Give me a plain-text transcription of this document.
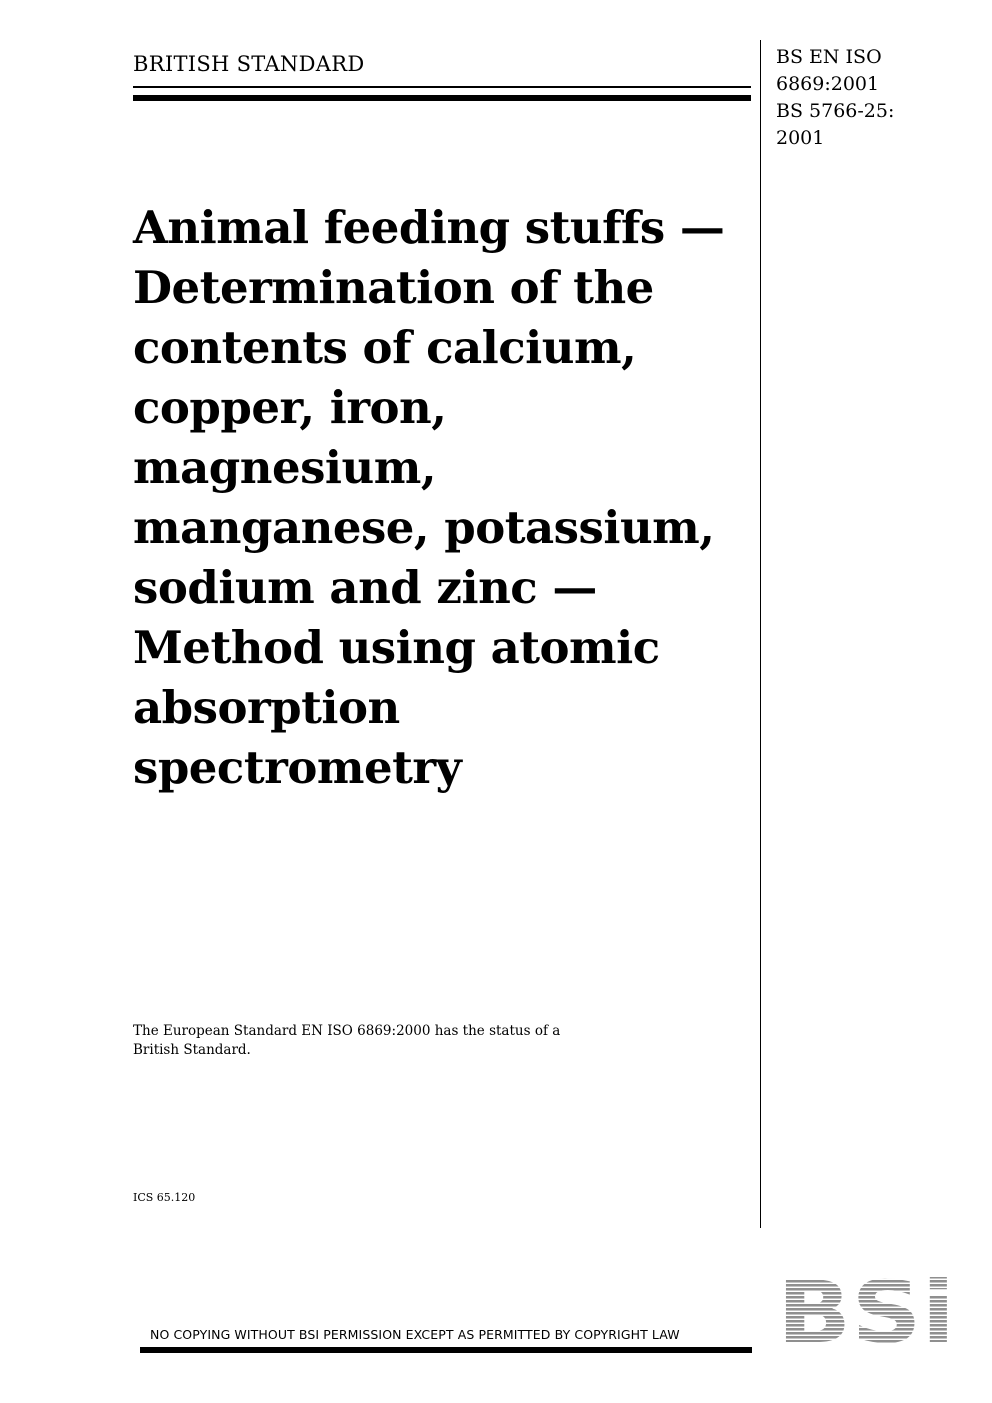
BRITISH STANDARD	BS EN ISO
6869:2001
BS 5766-25:
2001
Animal feeding stuffs —
Determination of the
contents of calcium,
copper, iron,
magnesium,
manganese, potassium,
sodium and zinc —
Method using atomic
absorption
spectrometry
The European Standard EN ISO 6869:2000 has the status of a
British Standard.
ICS 65.120
BSi
NO COPYING WITHOUT BSI PERMISSION EXCEPT AS PERMITTED BY COPYRIGHT LAW
